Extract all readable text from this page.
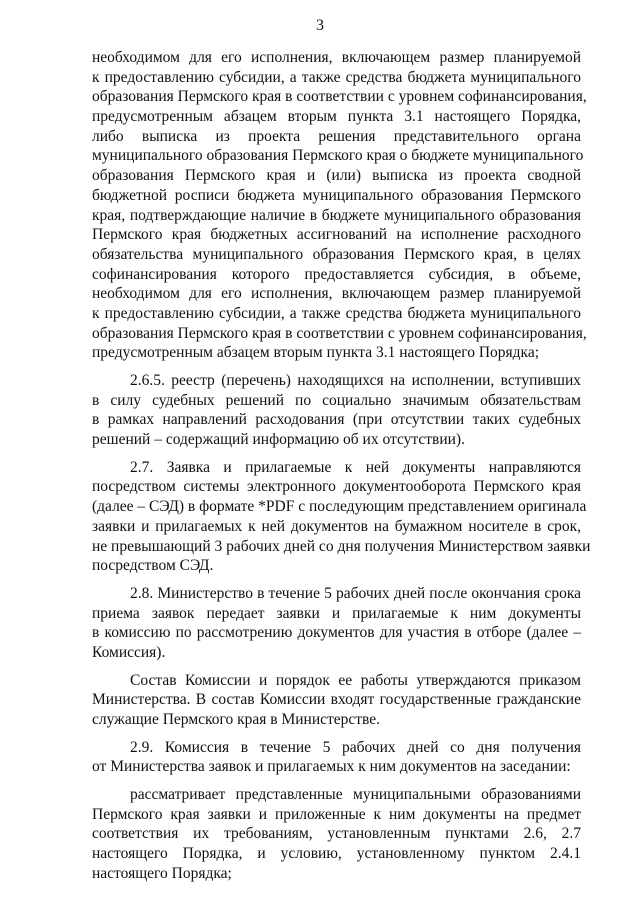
3
необходимом для его исполнения, включающем размер планируемой
к предоставлению субсидии, а также средства бюджета муниципального
образования Пермского края в соответствии с уровнем софинансирования,
предусмотренным абзацем вторым пункта 3.1 настоящего Порядка,
либо выписка из проекта решения представительного органа
муниципального образования Пермского края о бюджете муниципального
образования Пермского края и (или) выписка из проекта сводной
бюджетной росписи бюджета муниципального образования Пермского
края, подтверждающие наличие в бюджете муниципального образования
Пермского края бюджетных ассигнований на исполнение расходного
обязательства муниципального образования Пермского края, в целях
софинансирования которого предоставляется субсидия, в объеме,
необходимом для его исполнения, включающем размер планируемой
к предоставлению субсидии, а также средства бюджета муниципального
образования Пермского края в соответствии с уровнем софинансирования,
предусмотренным абзацем вторым пункта 3.1 настоящего Порядка;
2.6.5. реестр (перечень) находящихся на исполнении, вступивших
в силу судебных решений по социально значимым обязательствам
в рамках направлений расходования (при отсутствии таких судебных
решений – содержащий информацию об их отсутствии).
2.7. Заявка и прилагаемые к ней документы направляются
посредством системы электронного документооборота Пермского края
(далее – СЭД) в формате *PDF с последующим представлением оригинала
заявки и прилагаемых к ней документов на бумажном носителе в срок,
не превышающий 3 рабочих дней со дня получения Министерством заявки
посредством СЭД.
2.8. Министерство в течение 5 рабочих дней после окончания срока
приема заявок передает заявки и прилагаемые к ним документы
в комиссию по рассмотрению документов для участия в отборе (далее –
Комиссия).
Состав Комиссии и порядок ее работы утверждаются приказом
Министерства. В состав Комиссии входят государственные гражданские
служащие Пермского края в Министерстве.
2.9. Комиссия в течение 5 рабочих дней со дня получения
от Министерства заявок и прилагаемых к ним документов на заседании:
рассматривает представленные муниципальными образованиями
Пермского края заявки и приложенные к ним документы на предмет
соответствия их требованиям, установленным пунктами 2.6, 2.7
настоящего Порядка, и условию, установленному пунктом 2.4.1
настоящего Порядка;
